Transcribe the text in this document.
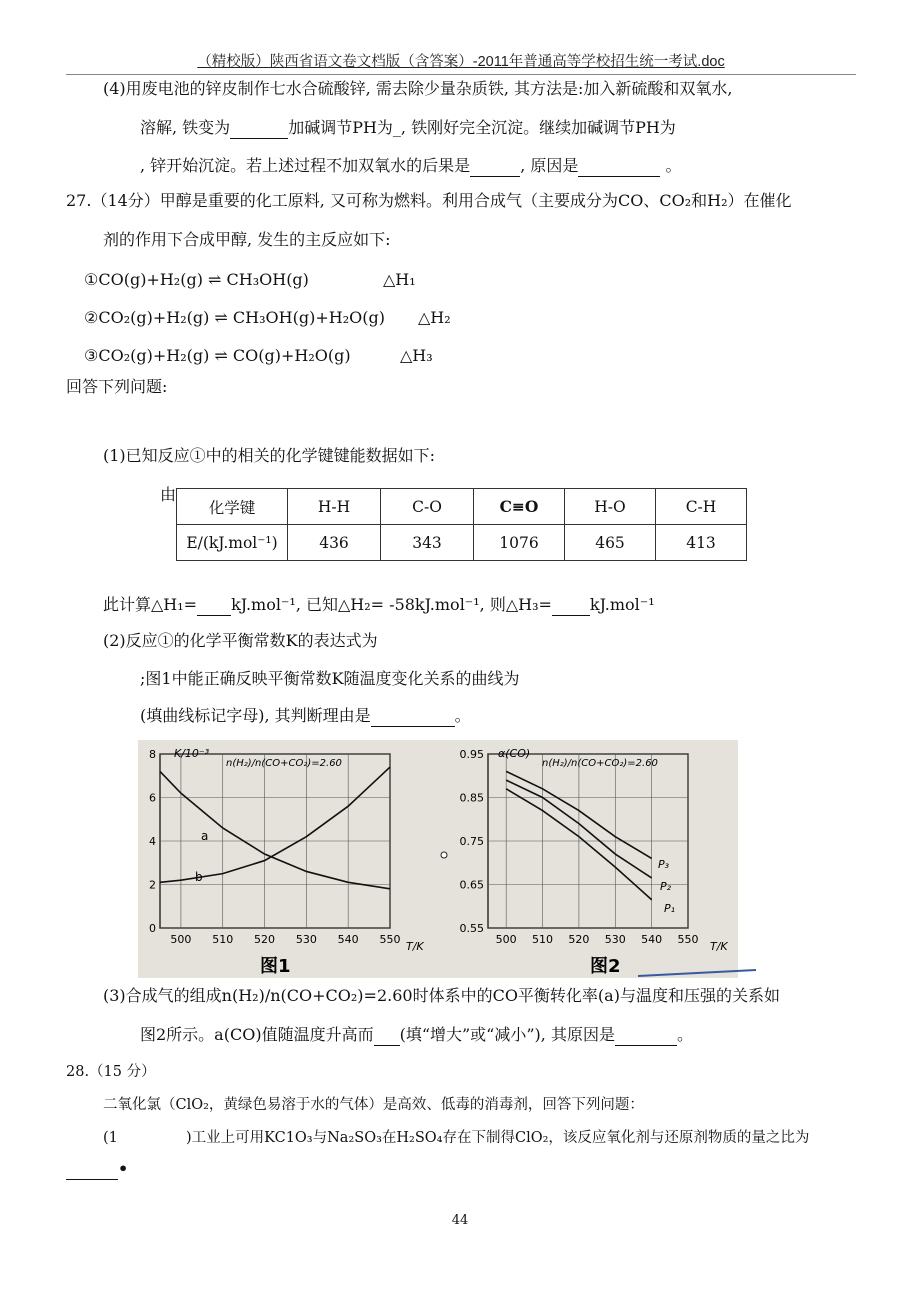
（精校版）陕西省语文卷文档版（含答案）-2011年普通高等学校招生统一考试.doc
(4)用废电池的锌皮制作七水合硫酸锌, 需去除少量杂质铁, 其方法是:加入新硫酸和双氧水,
溶解, 铁变为	加碱调节PH为_, 铁刚好完全沉淀。继续加碱调节PH为
, 锌开始沉淀。若上述过程不加双氧水的后果是	, 原因是	。
27.（14分）甲醇是重要的化工原料, 又可称为燃料。利用合成气（主要成分为CO、CO₂和H₂）在催化
剂的作用下合成甲醇, 发生的主反应如下:
①CO(g)+H₂(g) ⇌ CH₃OH(g)	△H₁
②CO₂(g)+H₂(g) ⇌ CH₃OH(g)+H₂O(g) △H₂
③CO₂(g)+H₂(g) ⇌ CO(g)+H₂O(g)	△H₃
回答下列问题:
(1)已知反应①中的相关的化学键键能数据如下:
由
化学键	H-H	C-O	C≡O	H-O	C-H
E/(kJ.mol⁻¹)	436	343	1076	465	413
此计算△H₁= kJ.mol⁻¹, 已知△H₂= -58kJ.mol⁻¹, 则△H₃= kJ.mol⁻¹
(2)反应①的化学平衡常数K的表达式为
;图1中能正确反映平衡常数K随温度变化关系的曲线为
(填曲线标记字母), 其判断理由是	。
500 510 520 530 540 550
0
2
4
6
8 K/10⁻³
n(H₂)/n(CO+CO₂)=2.60
T/K
图1
a
b
500 510 520 530 540 550
0.55
0.65
0.75
0.85
0.95 α(CO)
n(H₂)/n(CO+CO₂)=2.60
T/K
图2
P₃
P₂
P₁
(3)合成气的组成n(H₂)/n(CO+CO₂)=2.60时体系中的CO平衡转化率(a)与温度和压强的关系如
图2所示。a(CO)值随温度升高而 (填“增大”或“减小”), 其原因是	。
28.（15 分）
二氧化氯（ClO₂，黄绿色易溶于水的气体）是高效、低毒的消毒剂，回答下列问题：
(1	)工业上可用KC1O₃与Na₂SO₃在H₂SO₄存在下制得ClO₂，该反应氧化剂与还原剂物质的量之比为
•
44
